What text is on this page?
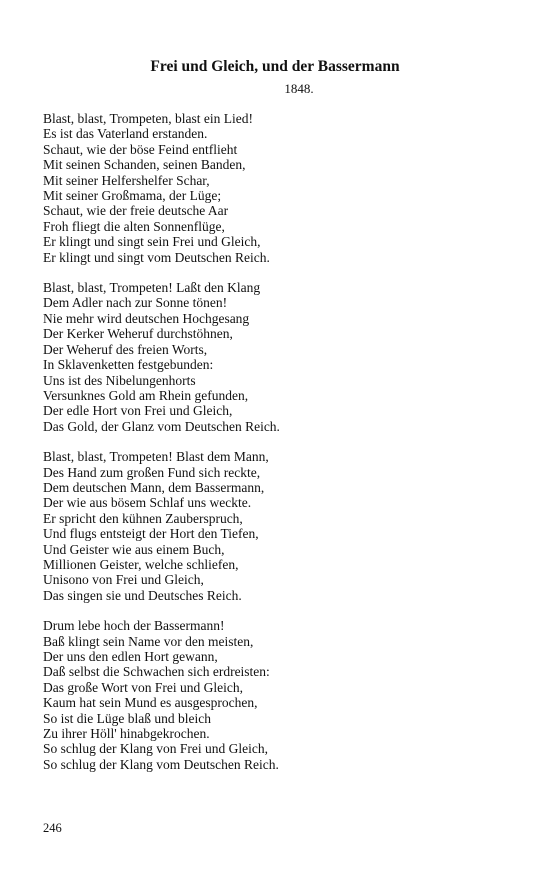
Frei und Gleich, und der Bassermann

1848.

Blast, blast, Trompeten, blast ein Lied!
Es ist das Vaterland erstanden.
Schaut, wie der böse Feind entflieht
Mit seinen Schanden, seinen Banden,
Mit seiner Helfershelfer Schar,
Mit seiner Großmama, der Lüge;
Schaut, wie der freie deutsche Aar
Froh fliegt die alten Sonnenflüge,
Er klingt und singt sein Frei und Gleich,
Er klingt und singt vom Deutschen Reich.
Blast, blast, Trompeten! Laßt den Klang
Dem Adler nach zur Sonne tönen!
Nie mehr wird deutschen Hochgesang
Der Kerker Weheruf durchstöhnen,
Der Weheruf des freien Worts,
In Sklavenketten festgebunden:
Uns ist des Nibelungenhorts
Versunknes Gold am Rhein gefunden,
Der edle Hort von Frei und Gleich,
Das Gold, der Glanz vom Deutschen Reich.
Blast, blast, Trompeten! Blast dem Mann,
Des Hand zum großen Fund sich reckte,
Dem deutschen Mann, dem Bassermann,
Der wie aus bösem Schlaf uns weckte.
Er spricht den kühnen Zauberspruch,
Und flugs entsteigt der Hort den Tiefen,
Und Geister wie aus einem Buch,
Millionen Geister, welche schliefen,
Unisono von Frei und Gleich,
Das singen sie und Deutsches Reich.
Drum lebe hoch der Bassermann!
Baß klingt sein Name vor den meisten,
Der uns den edlen Hort gewann,
Daß selbst die Schwachen sich erdreisten:
Das große Wort von Frei und Gleich,
Kaum hat sein Mund es ausgesprochen,
So ist die Lüge blaß und bleich
Zu ihrer Höll' hinabgekrochen.
So schlug der Klang von Frei und Gleich,
So schlug der Klang vom Deutschen Reich.

246
